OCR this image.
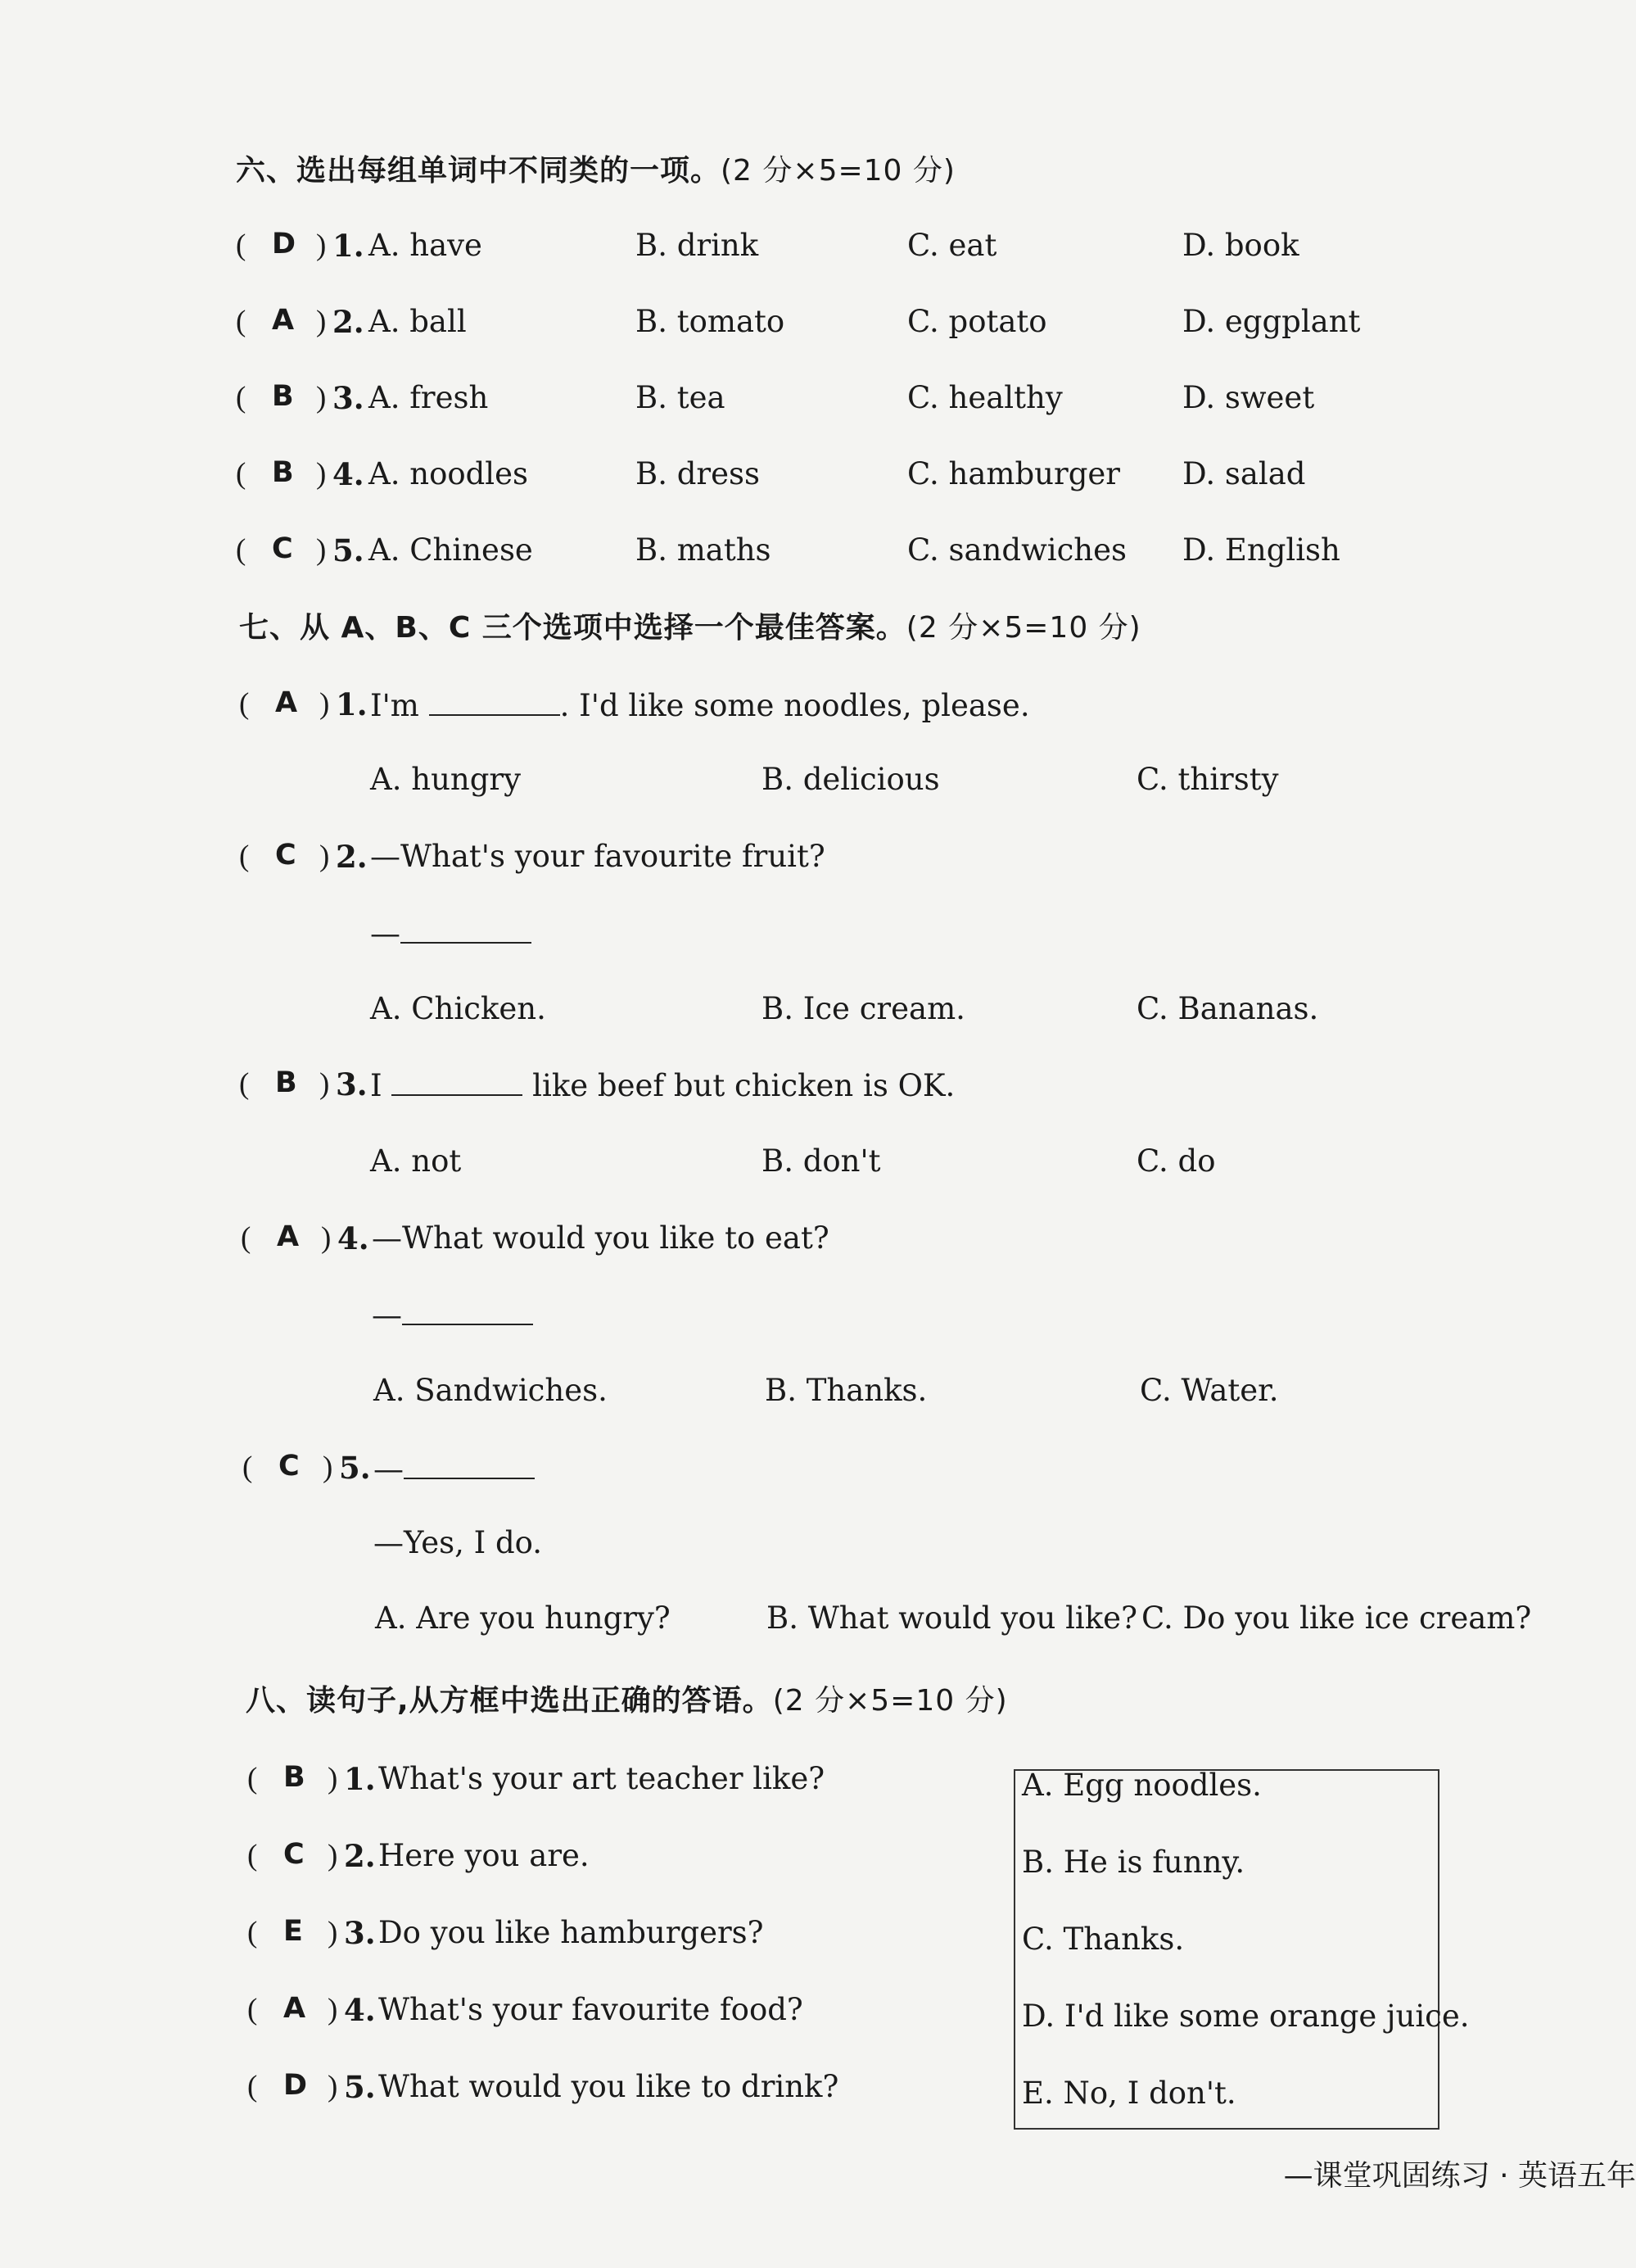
六、选出每组单词中不同类的一项。(2 分×5=10 分)
( D ) 1. A. have	B. drink	C. eat	D. book
( A ) 2. A. ball	B. tomato	C. potato	D. eggplant
( B ) 3. A. fresh	B. tea	C. healthy	D. sweet
( B ) 4. A. noodles	B. dress	C. hamburger D. salad
( C ) 5. A. Chinese	B. maths	C. sandwiches D. English
七、从 A、B、C 三个选项中选择一个最佳答案。(2 分×5=10 分)
( A ) 1. I'm	. I'd like some noodles, please.
A. hungry	B. delicious	C. thirsty
( C ) 2. —What's your favourite fruit?
—
A. Chicken.	B. Ice cream.	C. Bananas.
( B ) 3. I	like beef but chicken is OK.
A. not	B. don't	C. do
( A ) 4. —What would you like to eat?
—
A. Sandwiches.	B. Thanks.	C. Water.
( C ) 5. —
—Yes, I do.
A. Are you hungry?	B. What would you like? C. Do you like ice cream?
八、读句子,从方框中选出正确的答语。(2 分×5=10 分)
( B ) 1. What's your art teacher like?
( C ) 2. Here you are.
( E ) 3. Do you like hamburgers?
( A ) 4. What's your favourite food?
( D ) 5. What would you like to drink?
A. Egg noodles.
B. He is funny.
C. Thanks.
D. I'd like some orange juice.
E. No, I don't.
—课堂巩固练习 · 英语五年
